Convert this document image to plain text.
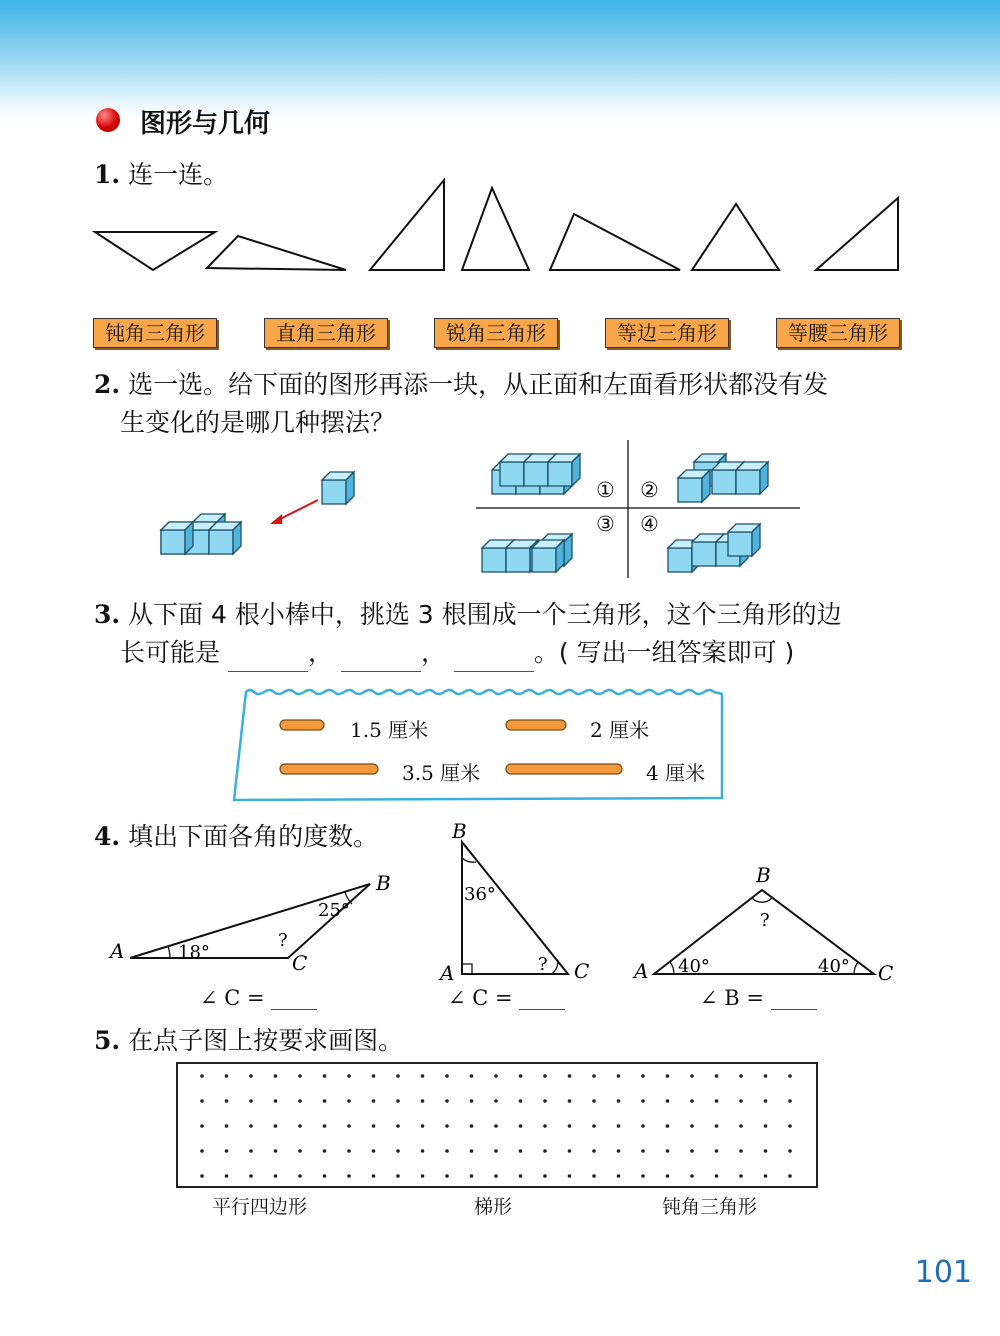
图形与几何
1. 连一连。
钝角三角形	直角三角形	锐角三角形	等边三角形	等腰三角形
2. 选一选。给下面的图形再添一块，从正面和左面看形状都没有发
生变化的是哪几种摆法？
① ②
③ ④
3. 从下面 4 根小棒中，挑选 3 根围成一个三角形，这个三角形的边
长可能是	，	，	。( 写出一组答案即可 )
1.5 厘米	2 厘米
3.5 厘米	4 厘米
4. 填出下面各角的度数。
A
B
C
18°
25°
?
B
A	C
36°
?
B
A	C
40°	40°
?
∠ C =	∠ C =	∠ B =
5. 在点子图上按要求画图。
平行四边形	梯形	钝角三角形
101
